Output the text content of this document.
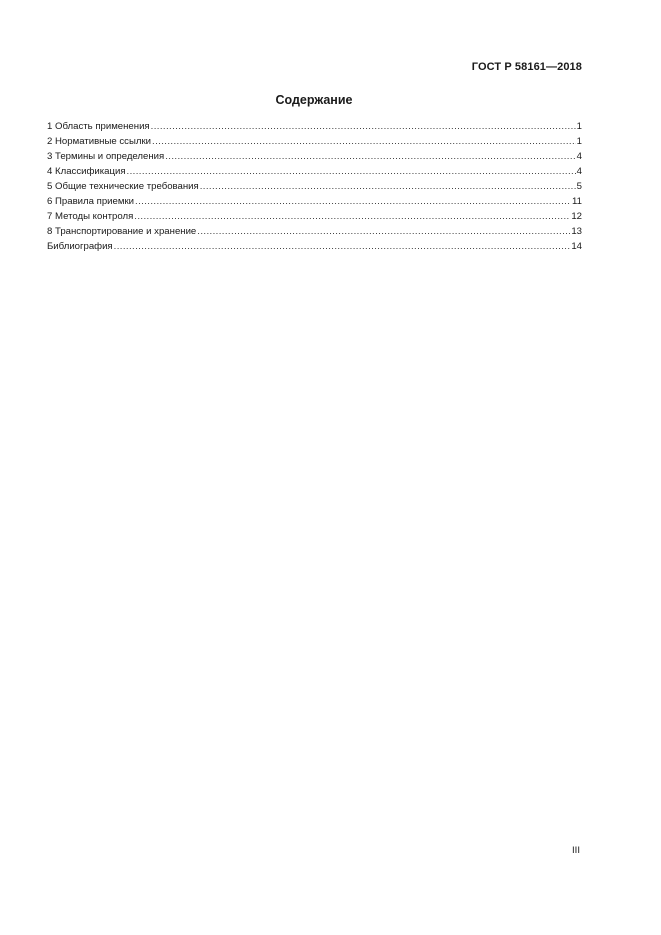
ГОСТ Р 58161—2018
Содержание
1 Область применения .....	1
2 Нормативные ссылки .....	1
3 Термины и определения .....	4
4 Классификация .....	4
5 Общие технические требования .....	5
6 Правила приемки .....	11
7 Методы контроля .....	12
8 Транспортирование и хранение .....	13
Библиография .....	14
III
